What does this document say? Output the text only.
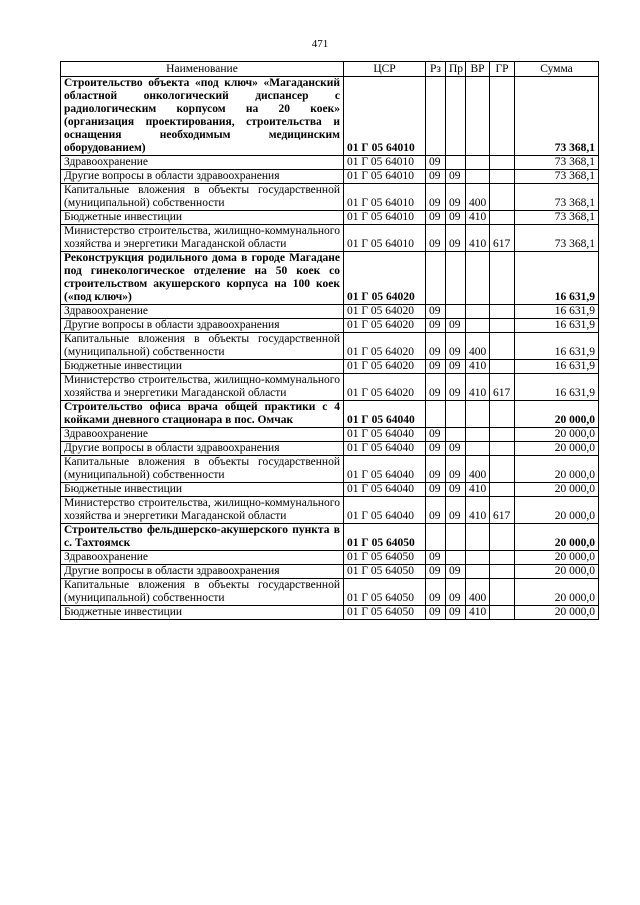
471
Наименование	ЦСР	Рз	Пр	ВР	ГР	Сумма
Строительство объекта «под ключ» «Магаданский областной онкологический диспансер с радиологическим корпусом на 20 коек» (организация проектирования, строительства и оснащения необходимым медицинским оборудованием)	01 Г 05 64010					73 368,1
Здравоохранение	01 Г 05 64010	09				73 368,1
Другие вопросы в области здравоохранения	01 Г 05 64010	09	09			73 368,1
Капитальные вложения в объекты государственной (муниципальной) собственности	01 Г 05 64010	09	09	400		73 368,1
Бюджетные инвестиции	01 Г 05 64010	09	09	410		73 368,1
Министерство строительства, жилищно-коммунального хозяйства и энергетики Магаданской области	01 Г 05 64010	09	09	410	617	73 368,1
Реконструкция родильного дома в городе Магадане под гинекологическое отделение на 50 коек со строительством акушерского корпуса на 100 коек («под ключ»)	01 Г 05 64020					16 631,9
Здравоохранение	01 Г 05 64020	09				16 631,9
Другие вопросы в области здравоохранения	01 Г 05 64020	09	09			16 631,9
Капитальные вложения в объекты государственной (муниципальной) собственности	01 Г 05 64020	09	09	400		16 631,9
Бюджетные инвестиции	01 Г 05 64020	09	09	410		16 631,9
Министерство строительства, жилищно-коммунального хозяйства и энергетики Магаданской области	01 Г 05 64020	09	09	410	617	16 631,9
Строительство офиса врача общей практики с 4 койками дневного стационара в пос. Омчак	01 Г 05 64040					20 000,0
Здравоохранение	01 Г 05 64040	09				20 000,0
Другие вопросы в области здравоохранения	01 Г 05 64040	09	09			20 000,0
Капитальные вложения в объекты государственной (муниципальной) собственности	01 Г 05 64040	09	09	400		20 000,0
Бюджетные инвестиции	01 Г 05 64040	09	09	410		20 000,0
Министерство строительства, жилищно-коммунального хозяйства и энергетики Магаданской области	01 Г 05 64040	09	09	410	617	20 000,0
Строительство фельдшерско-акушерского пункта в с. Тахтоямск	01 Г 05 64050					20 000,0
Здравоохранение	01 Г 05 64050	09				20 000,0
Другие вопросы в области здравоохранения	01 Г 05 64050	09	09			20 000,0
Капитальные вложения в объекты государственной (муниципальной) собственности	01 Г 05 64050	09	09	400		20 000,0
Бюджетные инвестиции	01 Г 05 64050	09	09	410		20 000,0
